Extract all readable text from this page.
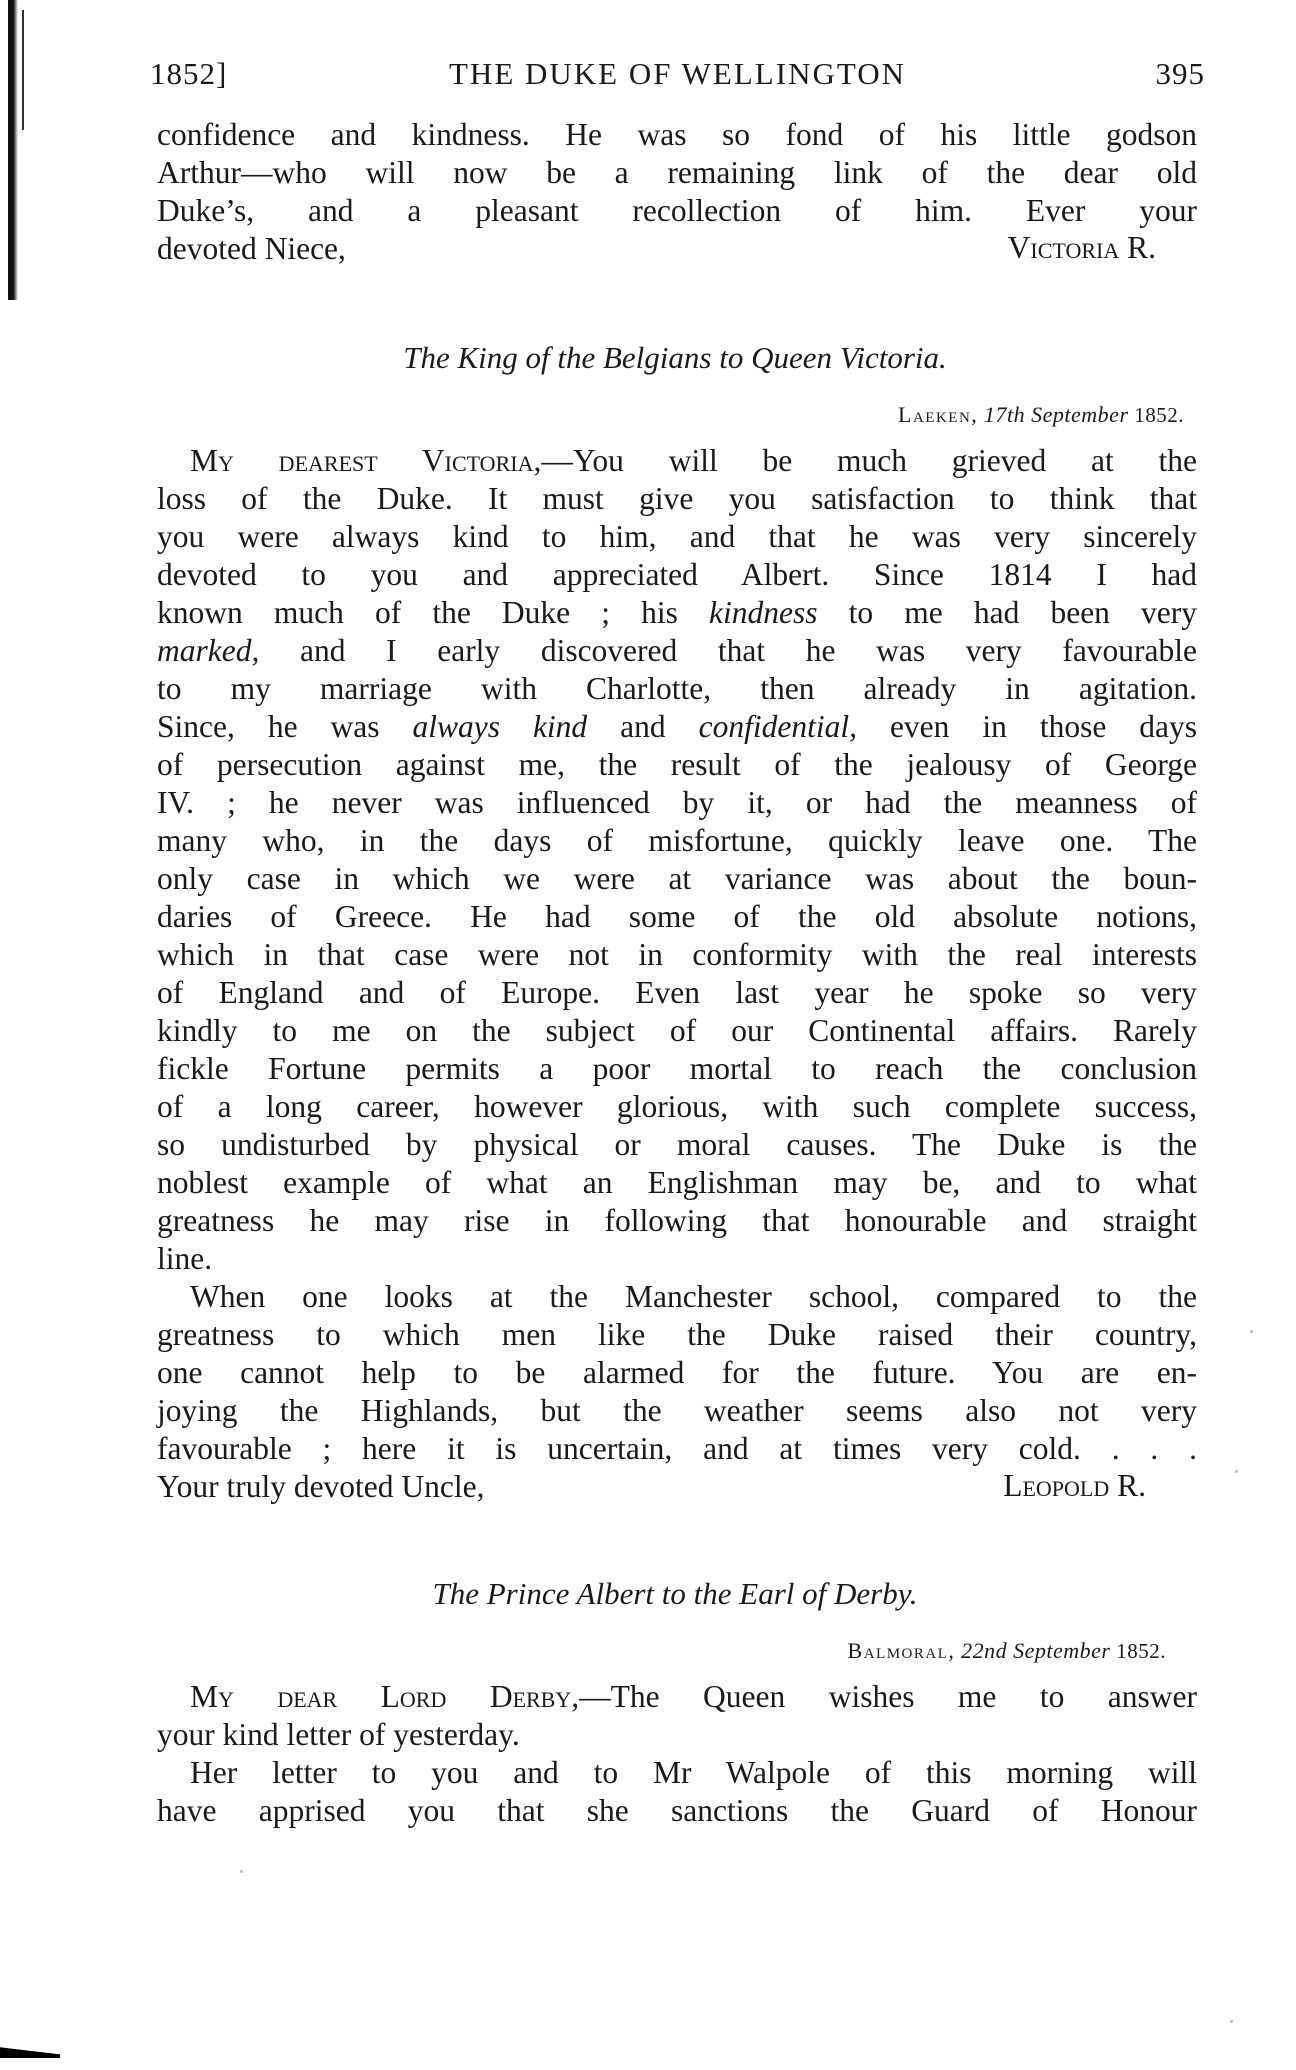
1852]	THE DUKE OF WELLINGTON	395
confidence and kindness. He was so fond of his little godson
Arthur—who will now be a remaining link of the dear old
Duke’s, and a pleasant recollection of him. Ever your
devoted Niece,	Victoria R.
The King of the Belgians to Queen Victoria.
Laeken, 17th September 1852.
My dearest Victoria,—You will be much grieved at the
loss of the Duke. It must give you satisfaction to think that
you were always kind to him, and that he was very sincerely
devoted to you and appreciated Albert. Since 1814 I had
known much of the Duke ; his kindness to me had been very
marked, and I early discovered that he was very favourable
to my marriage with Charlotte, then already in agitation.
Since, he was always kind and confidential, even in those days
of persecution against me, the result of the jealousy of George
IV. ; he never was influenced by it, or had the meanness of
many who, in the days of misfortune, quickly leave one. The
only case in which we were at variance was about the boun-
daries of Greece. He had some of the old absolute notions,
which in that case were not in conformity with the real interests
of England and of Europe. Even last year he spoke so very
kindly to me on the subject of our Continental affairs. Rarely
fickle Fortune permits a poor mortal to reach the conclusion
of a long career, however glorious, with such complete success,
so undisturbed by physical or moral causes. The Duke is the
noblest example of what an Englishman may be, and to what
greatness he may rise in following that honourable and straight
line.
When one looks at the Manchester school, compared to the
greatness to which men like the Duke raised their country,
one cannot help to be alarmed for the future. You are en-
joying the Highlands, but the weather seems also not very
favourable ; here it is uncertain, and at times very cold. . . .
Your truly devoted Uncle,	Leopold R.
The Prince Albert to the Earl of Derby.
Balmoral, 22nd September 1852.
My dear Lord Derby,—The Queen wishes me to answer
your kind letter of yesterday.
Her letter to you and to Mr Walpole of this morning will
have apprised you that she sanctions the Guard of Honour
